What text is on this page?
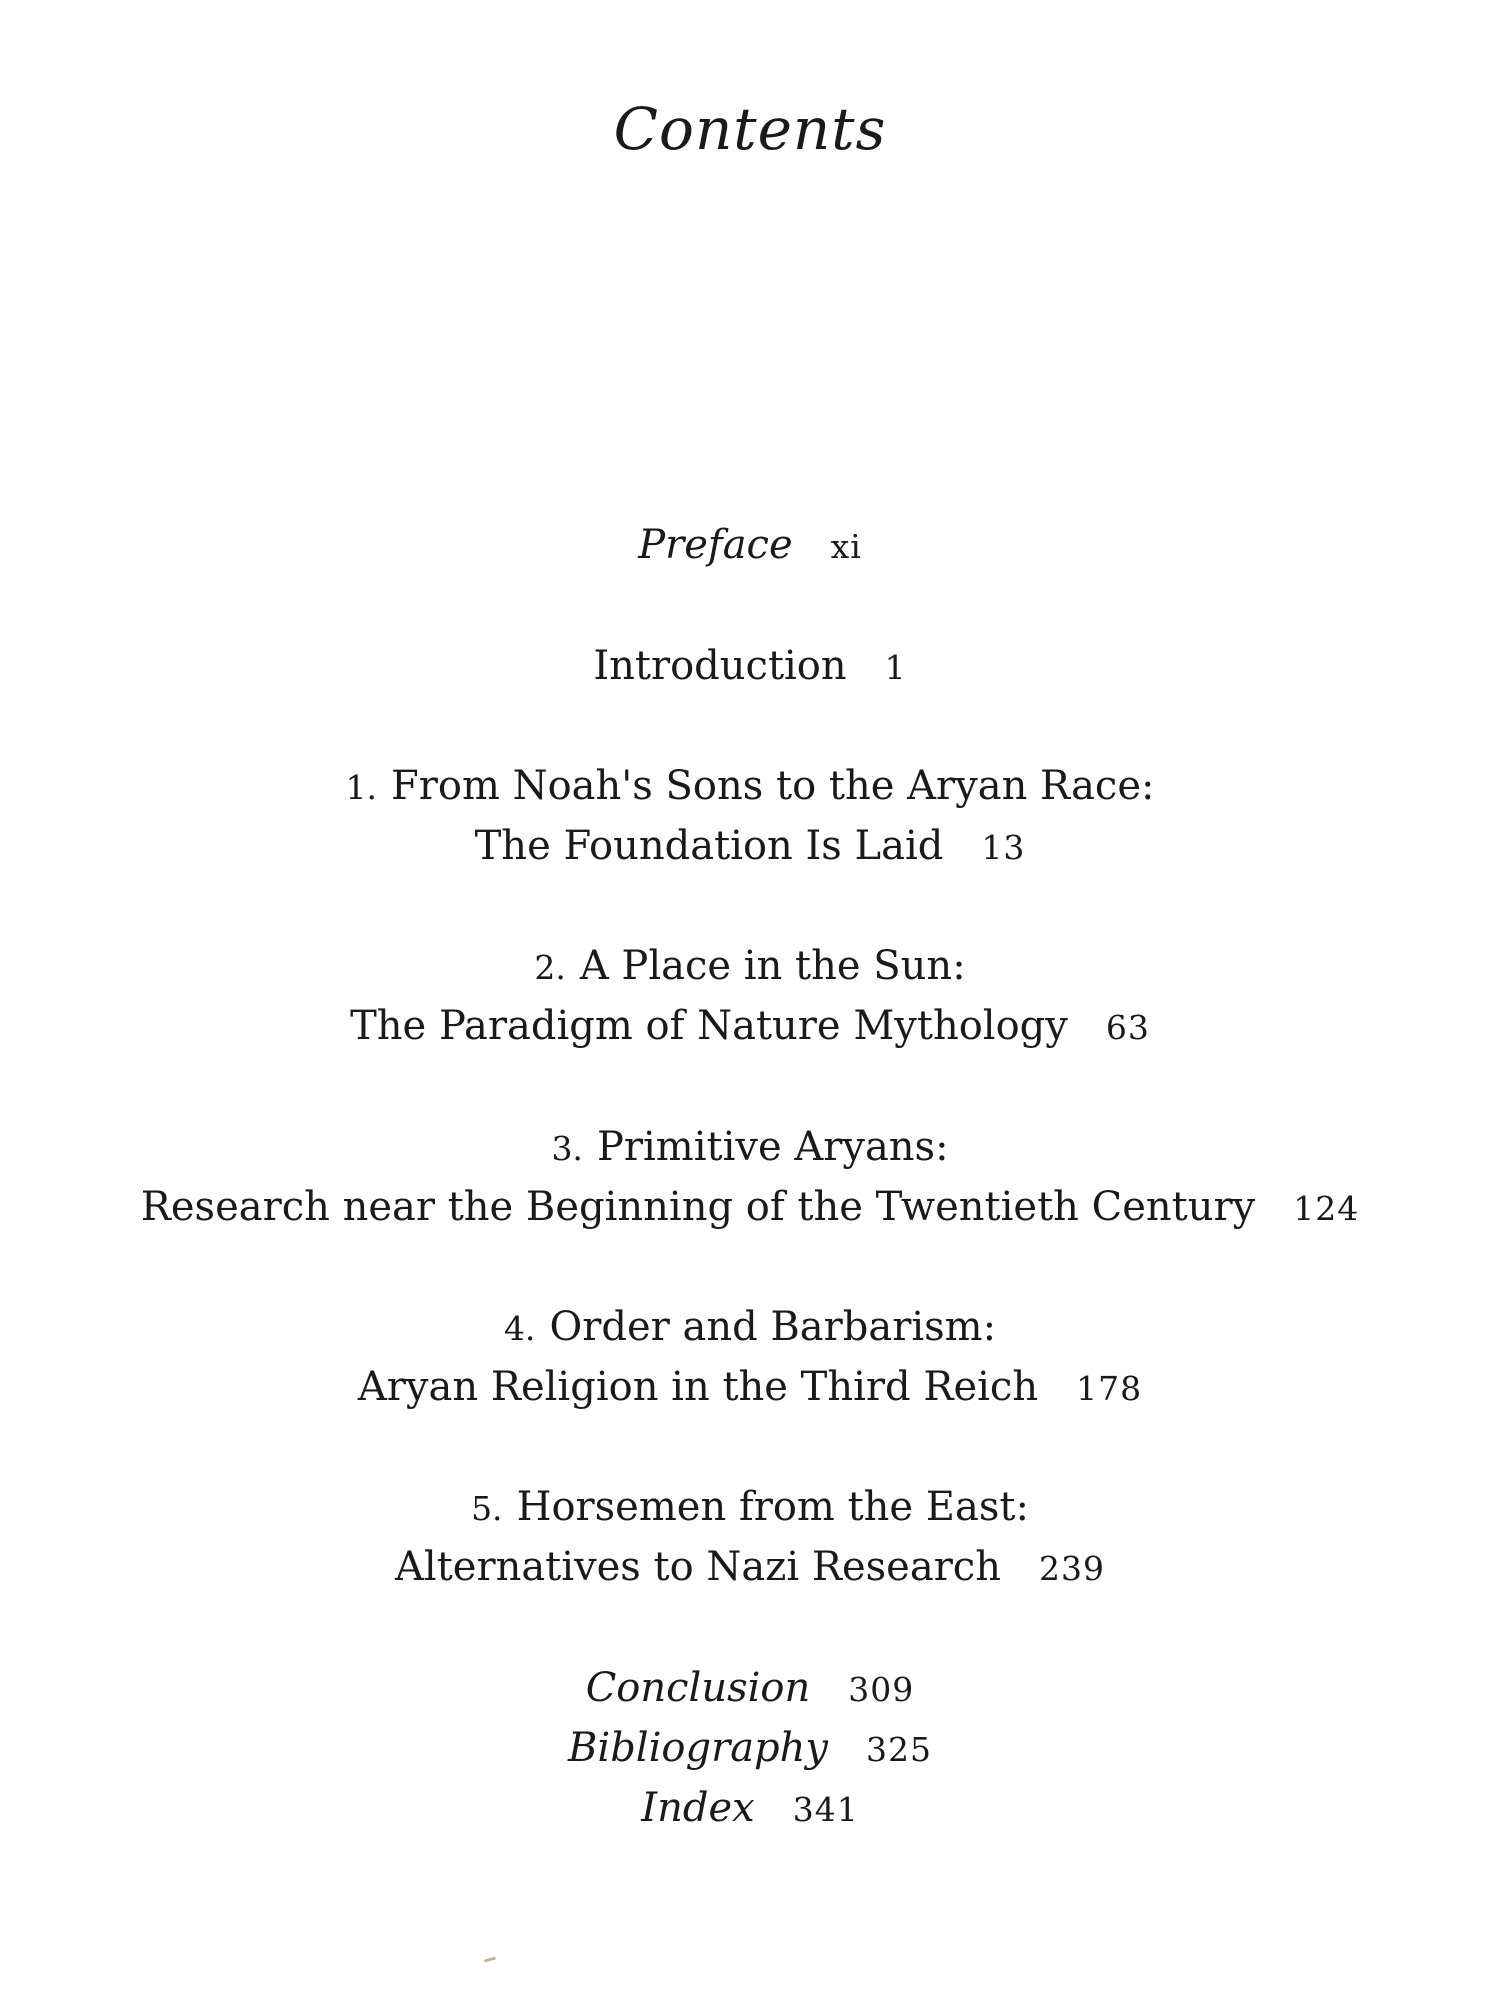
Contents
Preface xi
Introduction 1
1. From Noah's Sons to the Aryan Race:
The Foundation Is Laid 13
2. A Place in the Sun:
The Paradigm of Nature Mythology 63
3. Primitive Aryans:
Research near the Beginning of the Twentieth Century 124
4. Order and Barbarism:
Aryan Religion in the Third Reich 178
5. Horsemen from the East:
Alternatives to Nazi Research 239
Conclusion 309
Bibliography 325
Index 341
